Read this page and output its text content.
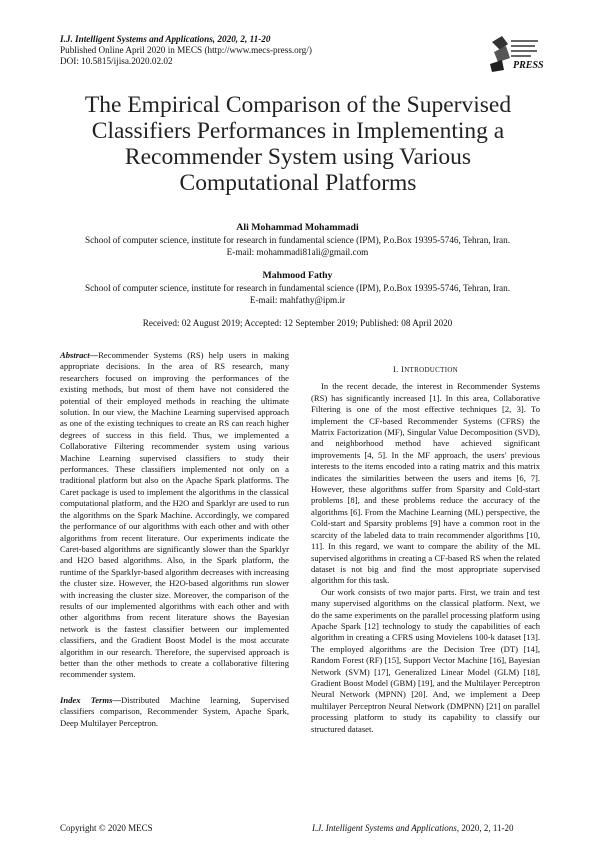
I.J. Intelligent Systems and Applications, 2020, 2, 11-20
Published Online April 2020 in MECS (http://www.mecs-press.org/)
DOI: 10.5815/ijisa.2020.02.02	PRESS
The Empirical Comparison of the Supervised Classifiers Performances in Implementing a Recommender System using Various Computational Platforms
Ali Mohammad Mohammadi
School of computer science, institute for research in fundamental science (IPM), P.o.Box 19395-5746, Tehran, Iran.
E-mail: mohammadi81ali@gmail.com
Mahmood Fathy
School of computer science, institute for research in fundamental science (IPM), P.o.Box 19395-5746, Tehran, Iran.
E-mail: mahfathy@ipm.ir
Received: 02 August 2019; Accepted: 12 September 2019; Published: 08 April 2020

Abstract—Recommender Systems (RS) help users in making appropriate decisions. In the area of RS research, many researchers focused on improving the performances of the existing methods, but most of them have not considered the potential of their employed methods in reaching the ultimate solution. In our view, the Machine Learning supervised approach as one of the existing techniques to create an RS can reach higher degrees of success in this field. Thus, we implemented a Collaborative Filtering recommender system using various Machine Learning supervised classifiers to study their performances. These classifiers implemented not only on a traditional platform but also on the Apache Spark platforms. The Caret package is used to implement the algorithms in the classical computational platform, and the H2O and Sparklyr are used to run the algorithms on the Spark Machine. Accordingly, we compared the performance of our algorithms with each other and with other algorithms from recent literature. Our experiments indicate the Caret-based algorithms are significantly slower than the Sparklyr and H2O based algorithms. Also, in the Spark platform, the runtime of the Sparklyr-based algorithm decreases with increasing the cluster size. However, the H2O-based algorithms run slower with increasing the cluster size. Moreover, the comparison of the results of our implemented algorithms with each other and with other algorithms from recent literature shows the Bayesian network is the fastest classifier between our implemented classifiers, and the Gradient Boost Model is the most accurate algorithm in our research. Therefore, the supervised approach is better than the other methods to create a collaborative filtering recommender system.

Index Terms—Distributed Machine learning, Supervised classifiers comparison, Recommender System, Apache Spark, Deep Multilayer Perceptron.

I. INTRODUCTION

In the recent decade, the interest in Recommender Systems (RS) has significantly increased [1]. In this area, Collaborative Filtering is one of the most effective techniques [2, 3]. To implement the CF-based Recommender Systems (CFRS) the Matrix Factorization (MF), Singular Value Decomposition (SVD), and neighborhood method have achieved significant improvements [4, 5]. In the MF approach, the users' previous interests to the items encoded into a rating matrix and this matrix indicates the similarities between the users and items [6, 7]. However, these algorithms suffer from Sparsity and Cold-start problems [8], and these problems reduce the accuracy of the algorithms [6]. From the Machine Learning (ML) perspective, the Cold-start and Sparsity problems [9] have a common root in the scarcity of the labeled data to train recommender algorithms [10, 11]. In this regard, we want to compare the ability of the ML supervised algorithms in creating a CF-based RS when the related dataset is not big and find the most appropriate supervised algorithm for this task.

Our work consists of two major parts. First, we train and test many supervised algorithms on the classical platform. Next, we do the same experiments on the parallel processing platform using Apache Spark [12] technology to study the capabilities of each algorithm in creating a CFRS using Movielens 100-k dataset [13]. The employed algorithms are the Decision Tree (DT) [14], Random Forest (RF) [15], Support Vector Machine [16], Bayesian Network (SVM) [17], Generalized Linear Model (GLM) [18], Gradient Boost Model (GBM) [19], and the Multilayer Perceptron Neural Network (MPNN) [20]. And, we implement a Deep multilayer Perceptron Neural Network (DMPNN) [21] on parallel processing platform to study its capability to classify our structured dataset.

Copyright © 2020 MECS	I.J. Intelligent Systems and Applications, 2020, 2, 11-20
